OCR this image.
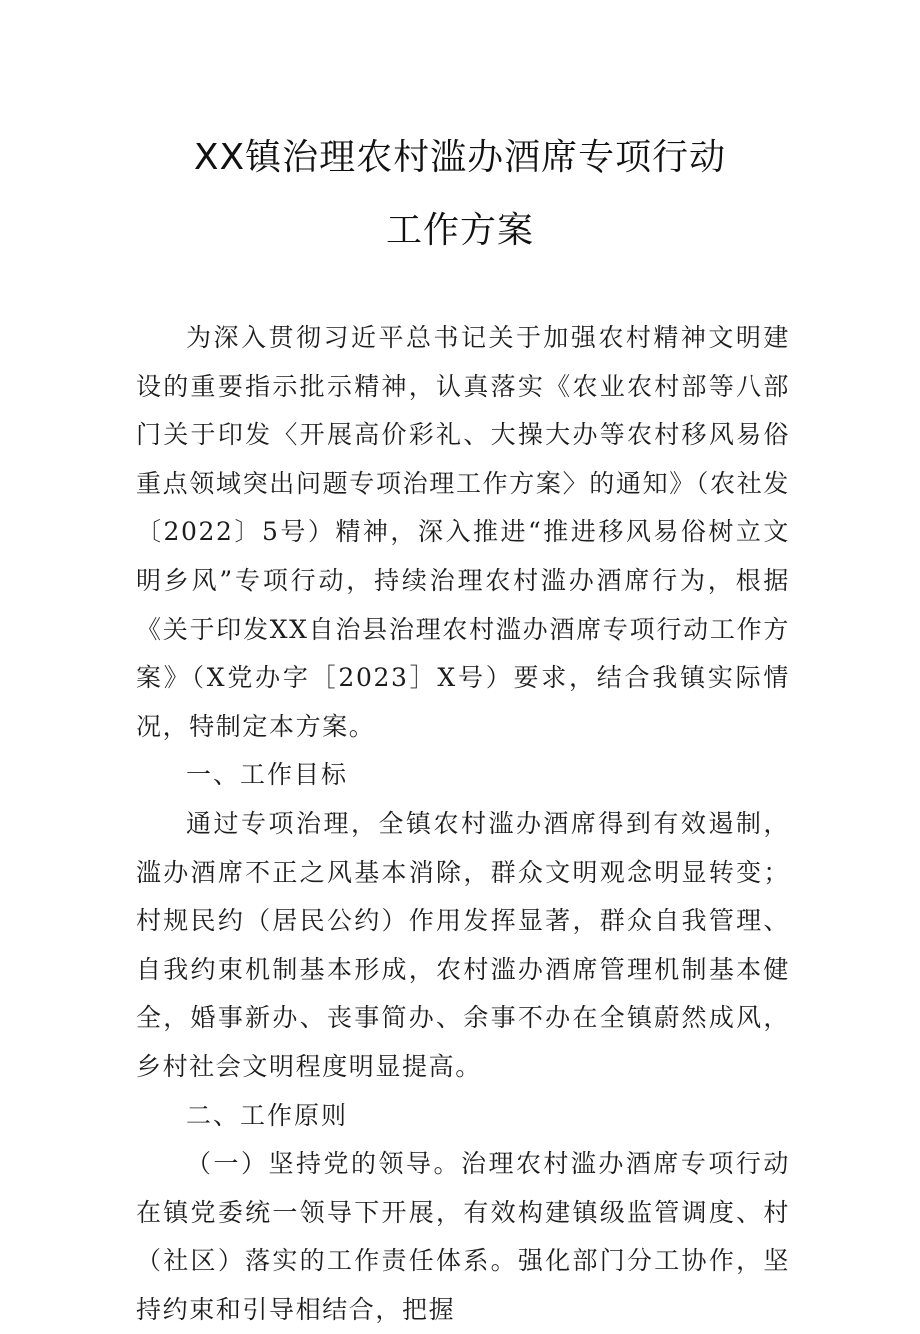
XX镇治理农村滥办酒席专项行动
工作方案

为深入贯彻习近平总书记关于加强农村精神文明建设的重要指示批示精神，认真落实《农业农村部等八部门关于印发〈开展高价彩礼、大操大办等农村移风易俗重点领域突出问题专项治理工作方案〉的通知》（农社发〔2022〕5号）精神，深入推进“推进移风易俗树立文明乡风”专项行动，持续治理农村滥办酒席行为，根据《关于印发XX自治县治理农村滥办酒席专项行动工作方案》（X党办字［2023］X号）要求，结合我镇实际情况，特制定本方案。

一、工作目标

通过专项治理，全镇农村滥办酒席得到有效遏制，滥办酒席不正之风基本消除，群众文明观念明显转变；村规民约（居民公约）作用发挥显著，群众自我管理、自我约束机制基本形成，农村滥办酒席管理机制基本健全，婚事新办、丧事简办、余事不办在全镇蔚然成风，乡村社会文明程度明显提高。

二、工作原则

（一）坚持党的领导。治理农村滥办酒席专项行动在镇党委统一领导下开展，有效构建镇级监管调度、村（社区）落实的工作责任体系。强化部门分工协作，坚持约束和引导相结合，把握
